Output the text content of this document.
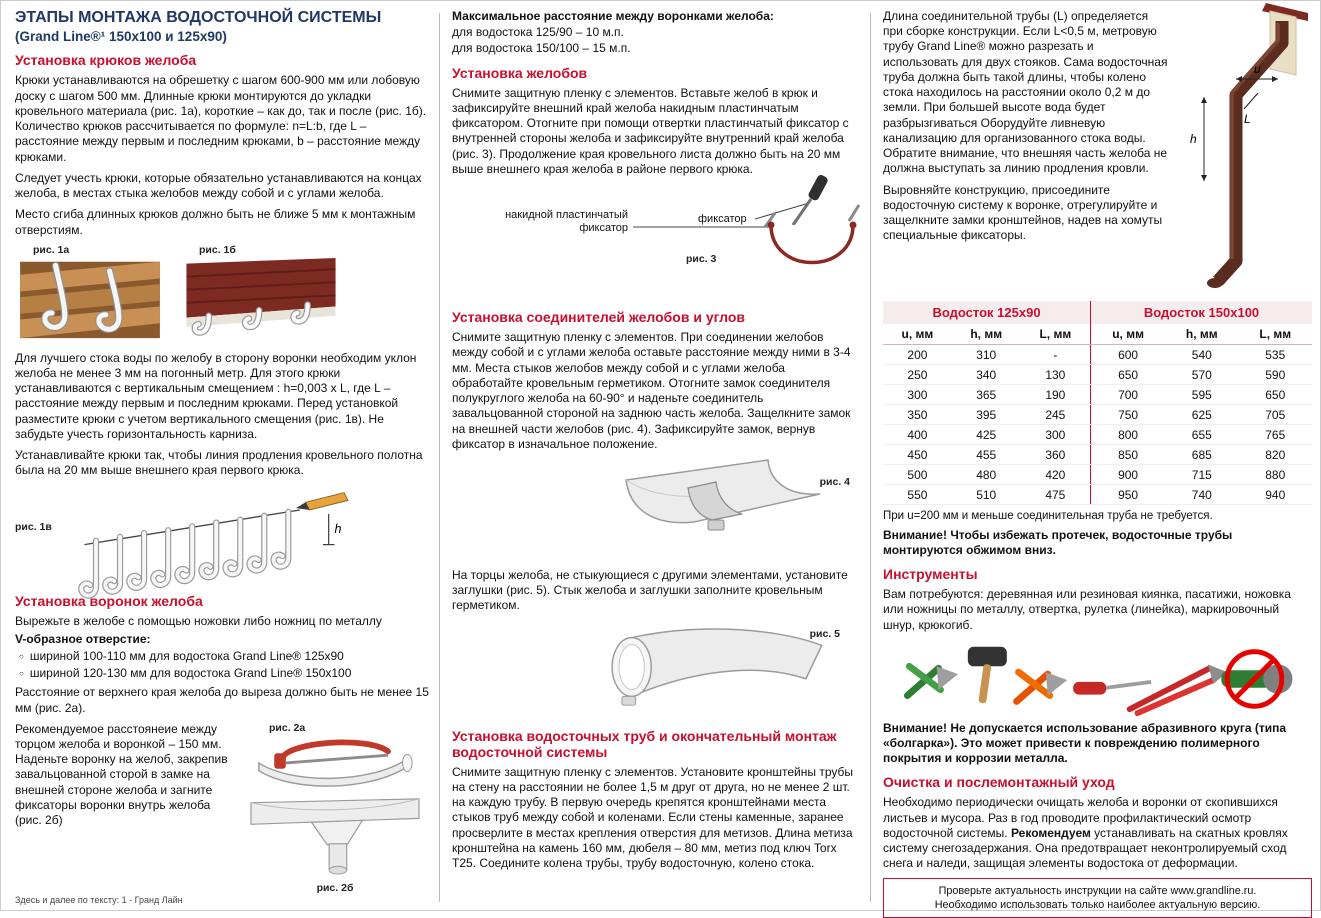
ЭТАПЫ МОНТАЖА ВОДОСТОЧНОЙ СИСТЕМЫ
(Grand Line®¹ 150x100 и 125x90)
Установка крюков желоба

Крюки устанавливаются на обрешетку с шагом 600-900 мм или лобовую доску с шагом 500 мм. Длинные крюки монтируются до укладки кровельного материала (рис. 1а), короткие – как до, так и после (рис. 1б). Количество крюков рассчитывается по формуле: n=L:b, где L – расстояние между первым и последним крюками, b – расстояние между крюками.

Следует учесть крюки, которые обязательно устанавливаются на концах желоба, в местах стыка желобов между собой и с углами желоба.

Место сгиба длинных крюков должно быть не ближе 5 мм к монтажным отверстиям.

рис. 1а	рис. 1б

Для лучшего стока воды по желобу в сторону воронки необходим уклон желоба не менее 3 мм на погонный метр. Для этого крюки устанавливаются с вертикальным смещением : h=0,003 x L, где L – расстояние между первым и последним крюками. Перед установкой разместите крюки с учетом вертикального смещения (рис. 1в). Не забудьте учесть горизонтальность карниза.

Устанавливайте крюки так, чтобы линия продления кровельного полотна была на 20 мм выше внешнего края первого крюка.

рис. 1в	h
Установка воронок желоба

Вырежьте в желобе с помощью ножовки либо ножниц по металлу

V-образное отверстие:

○ шириной 100-110 мм для водостока Grand Line® 125x90
○ шириной 120-130 мм для водостока Grand Line® 150x100

Расстояние от верхнего края желоба до выреза должно быть не менее 15 мм (рис. 2а).

рис. 2а

рис. 2б

Рекомендуемое расстоянеие между торцом желоба и воронкой – 150 мм. Наденьте воронку на желоб, закрепив завальцованной сторой в замке на внешней стороне желоба и загните фиксаторы воронки внутрь желоба (рис. 2б)

Здесь и далее по тексту: 1 - Гранд Лайн

Максимальное расстояние между воронками желоба:

для водостока 125/90 – 10 м.п.
для водостока 150/100 – 15 м.п.
Установка желобов

Снимите защитную пленку с элементов. Вставьте желоб в крюк и зафиксируйте внешний край желоба накидным пластинчатым фиксатором. Отогните при помощи отвертки пластинчатый фиксатор с внутренней стороны желоба и зафиксируйте внутренний край желоба (рис. 3). Продолжение края кровельного листа должно быть на 20 мм выше внешнего края желоба в районе первого крюка.

накидной пластинчатый фиксатор
фиксатор
рис. 3
Установка соединителей желобов и углов

Снимите защитную пленку с элементов. При соединении желобов между собой и с углами желоба оставьте расстояние между ними в 3-4 мм. Места стыков желобов между собой и с углами желоба обработайте кровельным герметиком. Отогните замок соединителя полукруглого желоба на 60-90° и наденьте соединитель завальцованной стороной на заднюю часть желоба. Защелкните замок на внешней части желобов (рис. 4). Зафиксируйте замок, вернув фиксатор в изначальное положение.

рис. 4

На торцы желоба, не стыкующиеся с другими элементами, установите заглушки (рис. 5). Стык желоба и заглушки заполните кровельным герметиком.

рис. 5
Установка водосточных труб и окончательный монтаж водосточной системы

Снимите защитную пленку с элементов. Установите кронштейны трубы на стену на расстоянии не более 1,5 м друг от друга, но не менее 2 шт. на каждую трубу. В первую очередь крепятся кронштейнами места стыков труб между собой и коленами. Если стены каменные, заранее просверлите в местах крепления отверстия для метизов. Длина метиза кронштейна на камень 160 мм, дюбеля – 80 мм, метиз под ключ Torx T25. Соедините колена трубы, трубу водосточную, колено стока.

u
h
L

Длина соединительной трубы (L) определяется при сборке конструкции. Если L<0,5 м, метровую трубу Grand Line® можно разрезать и использовать для двух стояков. Сама водосточная труба должна быть такой длины, чтобы колено стока находилось на расстоянии около 0,2 м до земли. При большей высоте вода будет разбрызгиваться Оборудуйте ливневую канализацию для организованного стока воды. Обратите внимание, что внешняя часть желоба не должна выступать за линию продления кровли.

Выровняйте конструкцию, присоедините водосточную систему к воронке, отрегулируйте и защелкните замки кронштейнов, надев на хомуты специальные фиксаторы.

Водосток 125x90			Водосток 150x100		
u, мм	h, мм	L, мм	u, мм	h, мм	L, мм
200	310	-	600	540	535
250	340	130	650	570	590
300	365	190	700	595	650
350	395	245	750	625	705
400	425	300	800	655	765
450	455	360	850	685	820
500	480	420	900	715	880
550	510	475	950	740	940

При u=200 мм и меньше соединительная труба не требуется.

Внимание! Чтобы избежать протечек, водосточные трубы монтируются обжимом вниз.

Инструменты

Вам потребуются: деревянная или резиновая киянка, пасатижи, ножовка или ножницы по металлу, отвертка, рулетка (линейка), маркировочный шнур, крюкогиб.

Внимание! Не допускается использование абразивного круга (типа «болгарка»). Это может привести к повреждению полимерного покрытия и коррозии металла.

Очистка и послемонтажный уход

Необходимо периодически очищать желоба и воронки от скопившихся листьев и мусора. Раз в год проводите профилактический осмотр водосточной системы. Рекомендуем устанавливать на скатных кровлях систему снегозадержания. Она предотвращает неконтролируемый сход снега и наледи, защищая элементы водостока от деформации.

Проверьте актуальность инструкции на сайте www.grandline.ru.
Необходимо использовать только наиболее актуальную версию.
